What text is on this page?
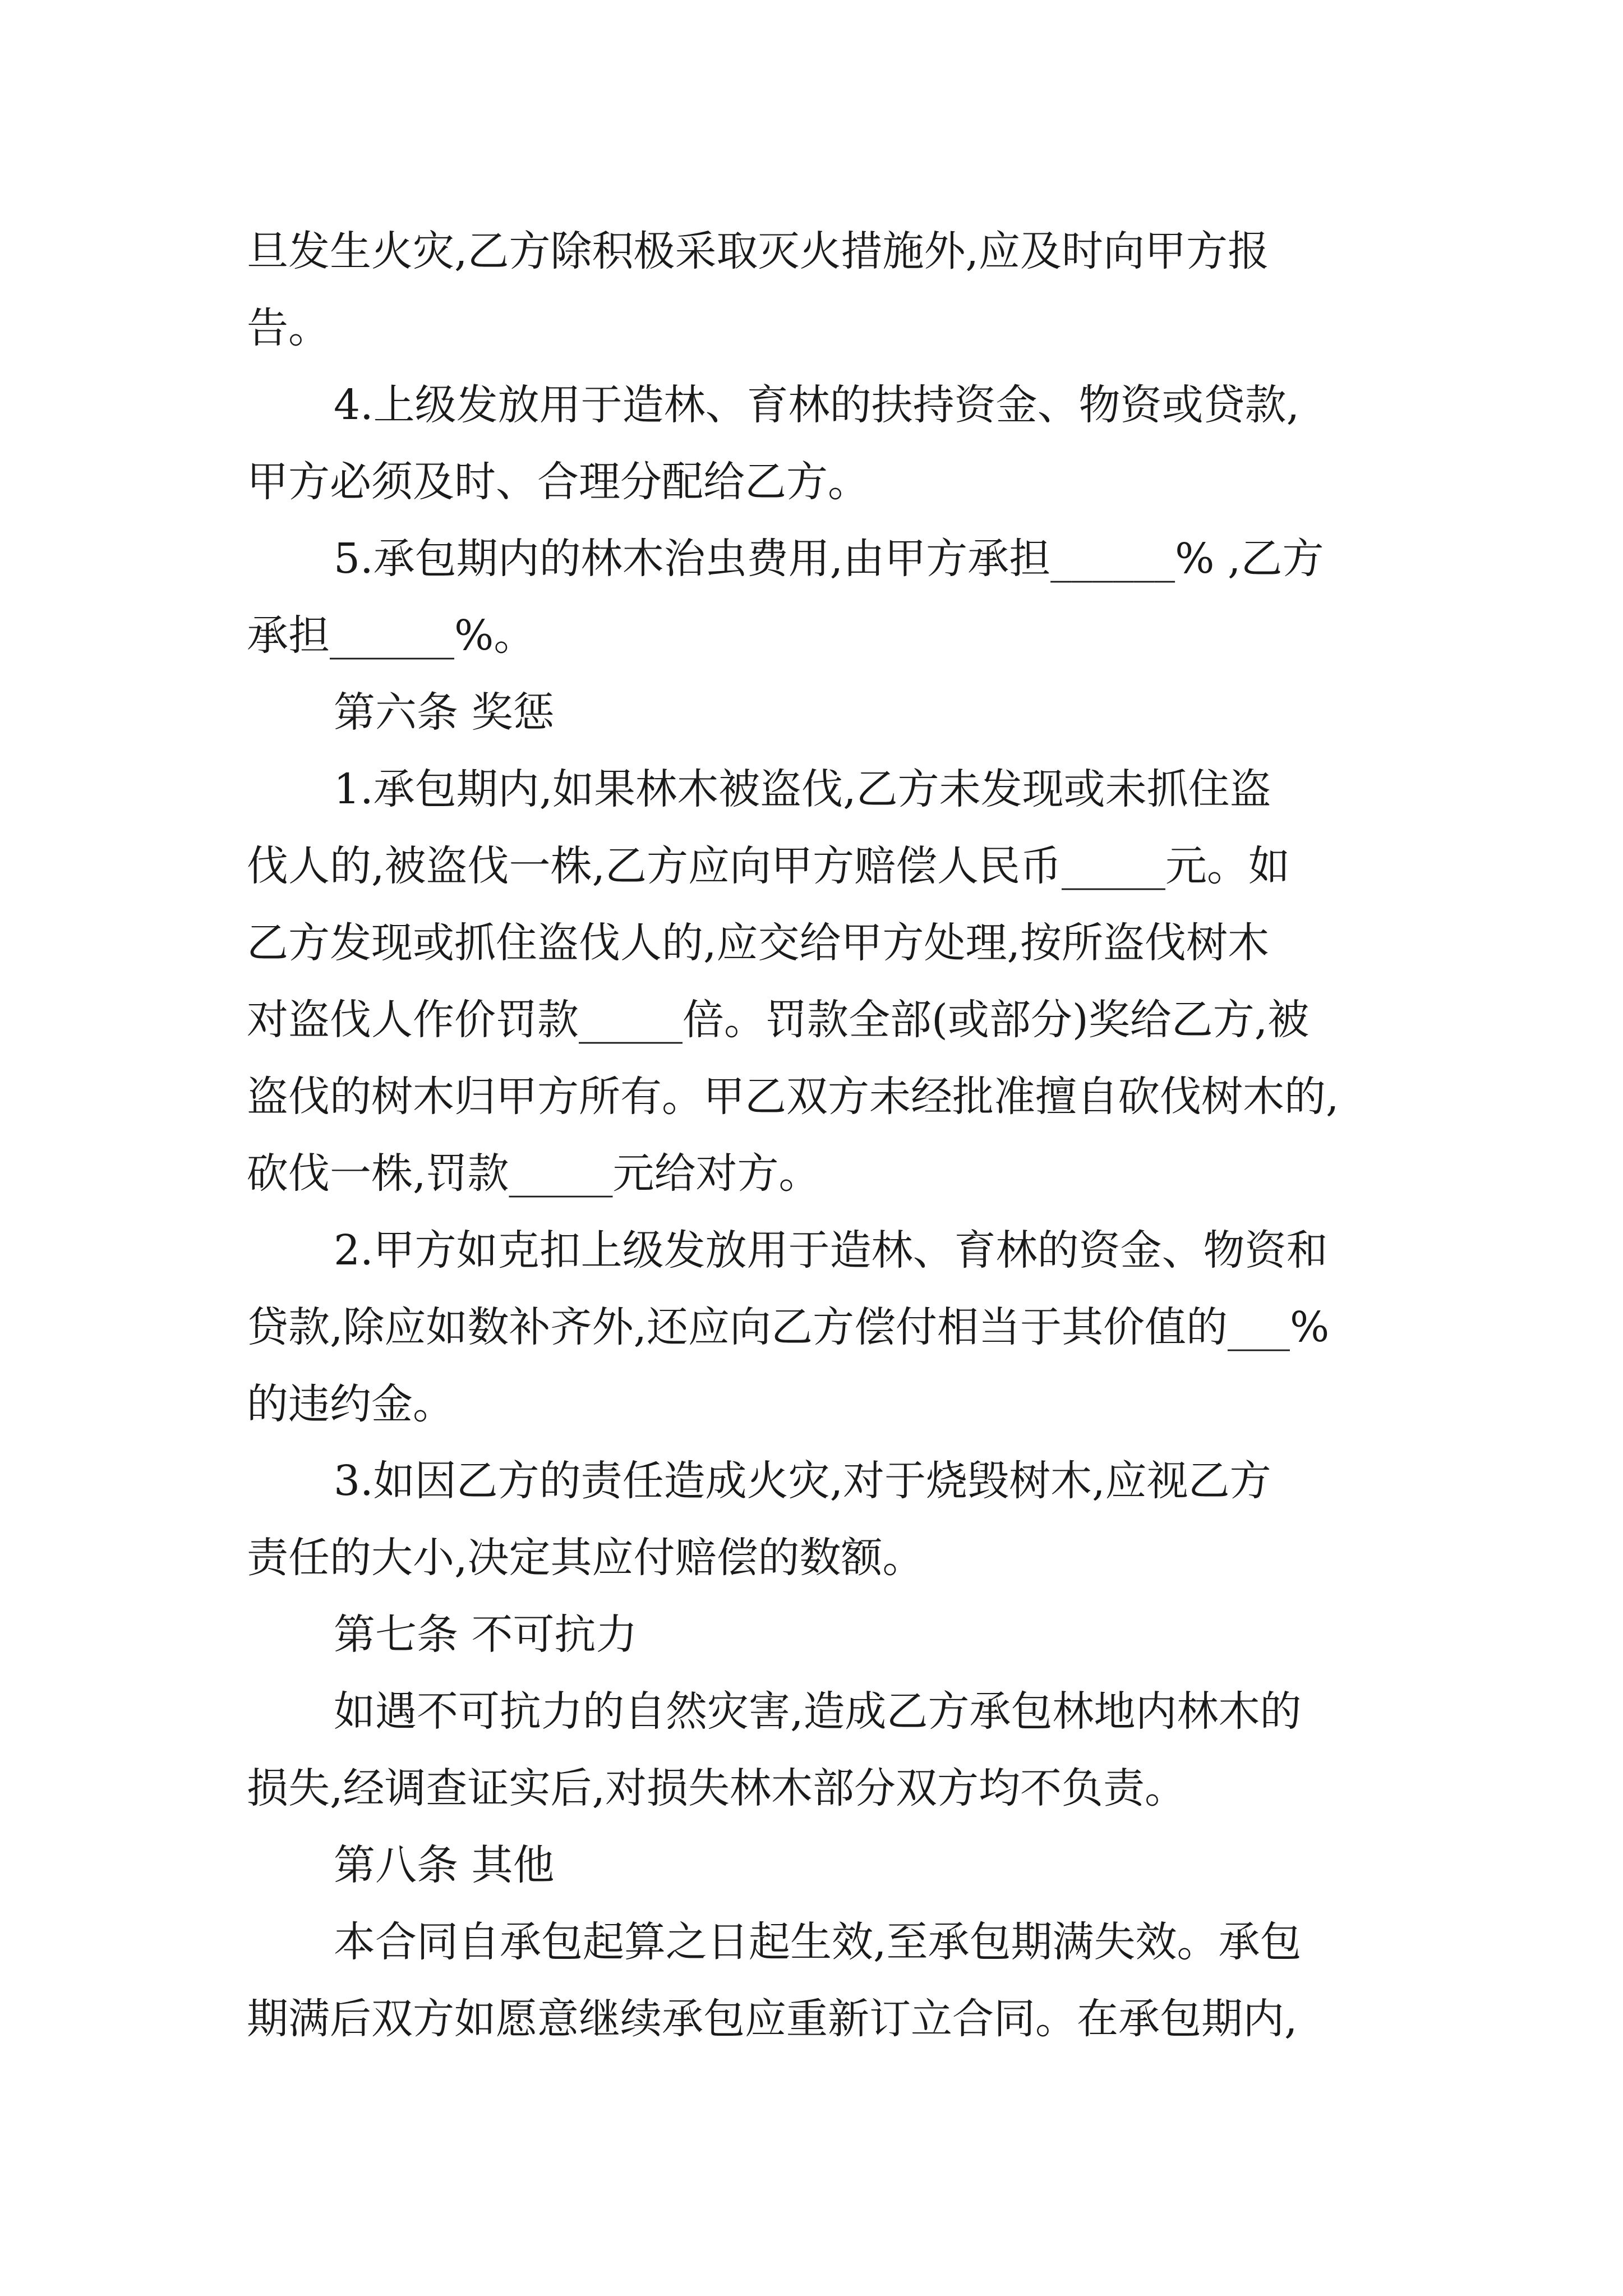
旦发生火灾,乙方除积极采取灭火措施外,应及时向甲方报
告。
4.上级发放用于造林、育林的扶持资金、物资或贷款,
甲方必须及时、合理分配给乙方。
5.承包期内的林木治虫费用,由甲方承担______% ,乙方
承担______%。
第六条 奖惩
1.承包期内,如果林木被盗伐,乙方未发现或未抓住盗
伐人的,被盗伐一株,乙方应向甲方赔偿人民币_____元。如
乙方发现或抓住盗伐人的,应交给甲方处理,按所盗伐树木
对盗伐人作价罚款_____倍。罚款全部(或部分)奖给乙方,被
盗伐的树木归甲方所有。甲乙双方未经批准擅自砍伐树木的,
砍伐一株,罚款_____元给对方。
2.甲方如克扣上级发放用于造林、育林的资金、物资和
贷款,除应如数补齐外,还应向乙方偿付相当于其价值的___%
的违约金。
3.如因乙方的责任造成火灾,对于烧毁树木,应视乙方
责任的大小,决定其应付赔偿的数额。
第七条 不可抗力
如遇不可抗力的自然灾害,造成乙方承包林地内林木的
损失,经调查证实后,对损失林木部分双方均不负责。
第八条 其他
本合同自承包起算之日起生效,至承包期满失效。承包
期满后双方如愿意继续承包应重新订立合同。在承包期内,
